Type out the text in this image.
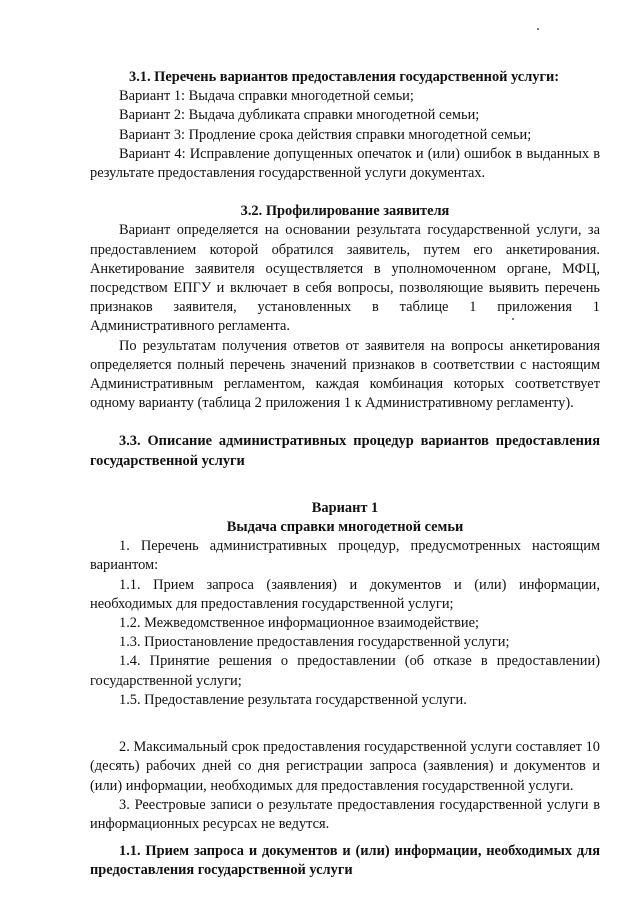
3.1. Перечень вариантов предоставления государственной услуги:

Вариант 1: Выдача справки многодетной семьи;

Вариант 2: Выдача дубликата справки многодетной семьи;

Вариант 3: Продление срока действия справки многодетной семьи;

Вариант 4: Исправление допущенных опечаток и (или) ошибок в выданных в результате предоставления государственной услуги документах.

3.2. Профилирование заявителя

Вариант определяется на основании результата государственной услуги, за предоставлением которой обратился заявитель, путем его анкетирования. Анкетирование заявителя осуществляется в уполномоченном органе, МФЦ, посредством ЕПГУ и включает в себя вопросы, позволяющие выявить перечень признаков заявителя, установленных в таблице 1 приложения 1 Административного регламента.

По результатам получения ответов от заявителя на вопросы анкетирования определяется полный перечень значений признаков в соответствии с настоящим Административным регламентом, каждая комбинация которых соответствует одному варианту (таблица 2 приложения 1 к Административному регламенту).

3.3. Описание административных процедур вариантов предоставления государственной услуги

Вариант 1

Выдача справки многодетной семьи

1. Перечень административных процедур, предусмотренных настоящим вариантом:

1.1. Прием запроса (заявления) и документов и (или) информации, необходимых для предоставления государственной услуги;

1.2. Межведомственное информационное взаимодействие;

1.3. Приостановление предоставления государственной услуги;

1.4. Принятие решения о предоставлении (об отказе в предоставлении) государственной услуги;

1.5. Предоставление результата государственной услуги.

2. Максимальный срок предоставления государственной услуги составляет 10 (десять) рабочих дней со дня регистрации запроса (заявления) и документов и (или) информации, необходимых для предоставления государственной услуги.

3. Реестровые записи о результате предоставления государственной услуги в информационных ресурсах не ведутся.

1.1. Прием запроса и документов и (или) информации, необходимых для предоставления государственной услуги
